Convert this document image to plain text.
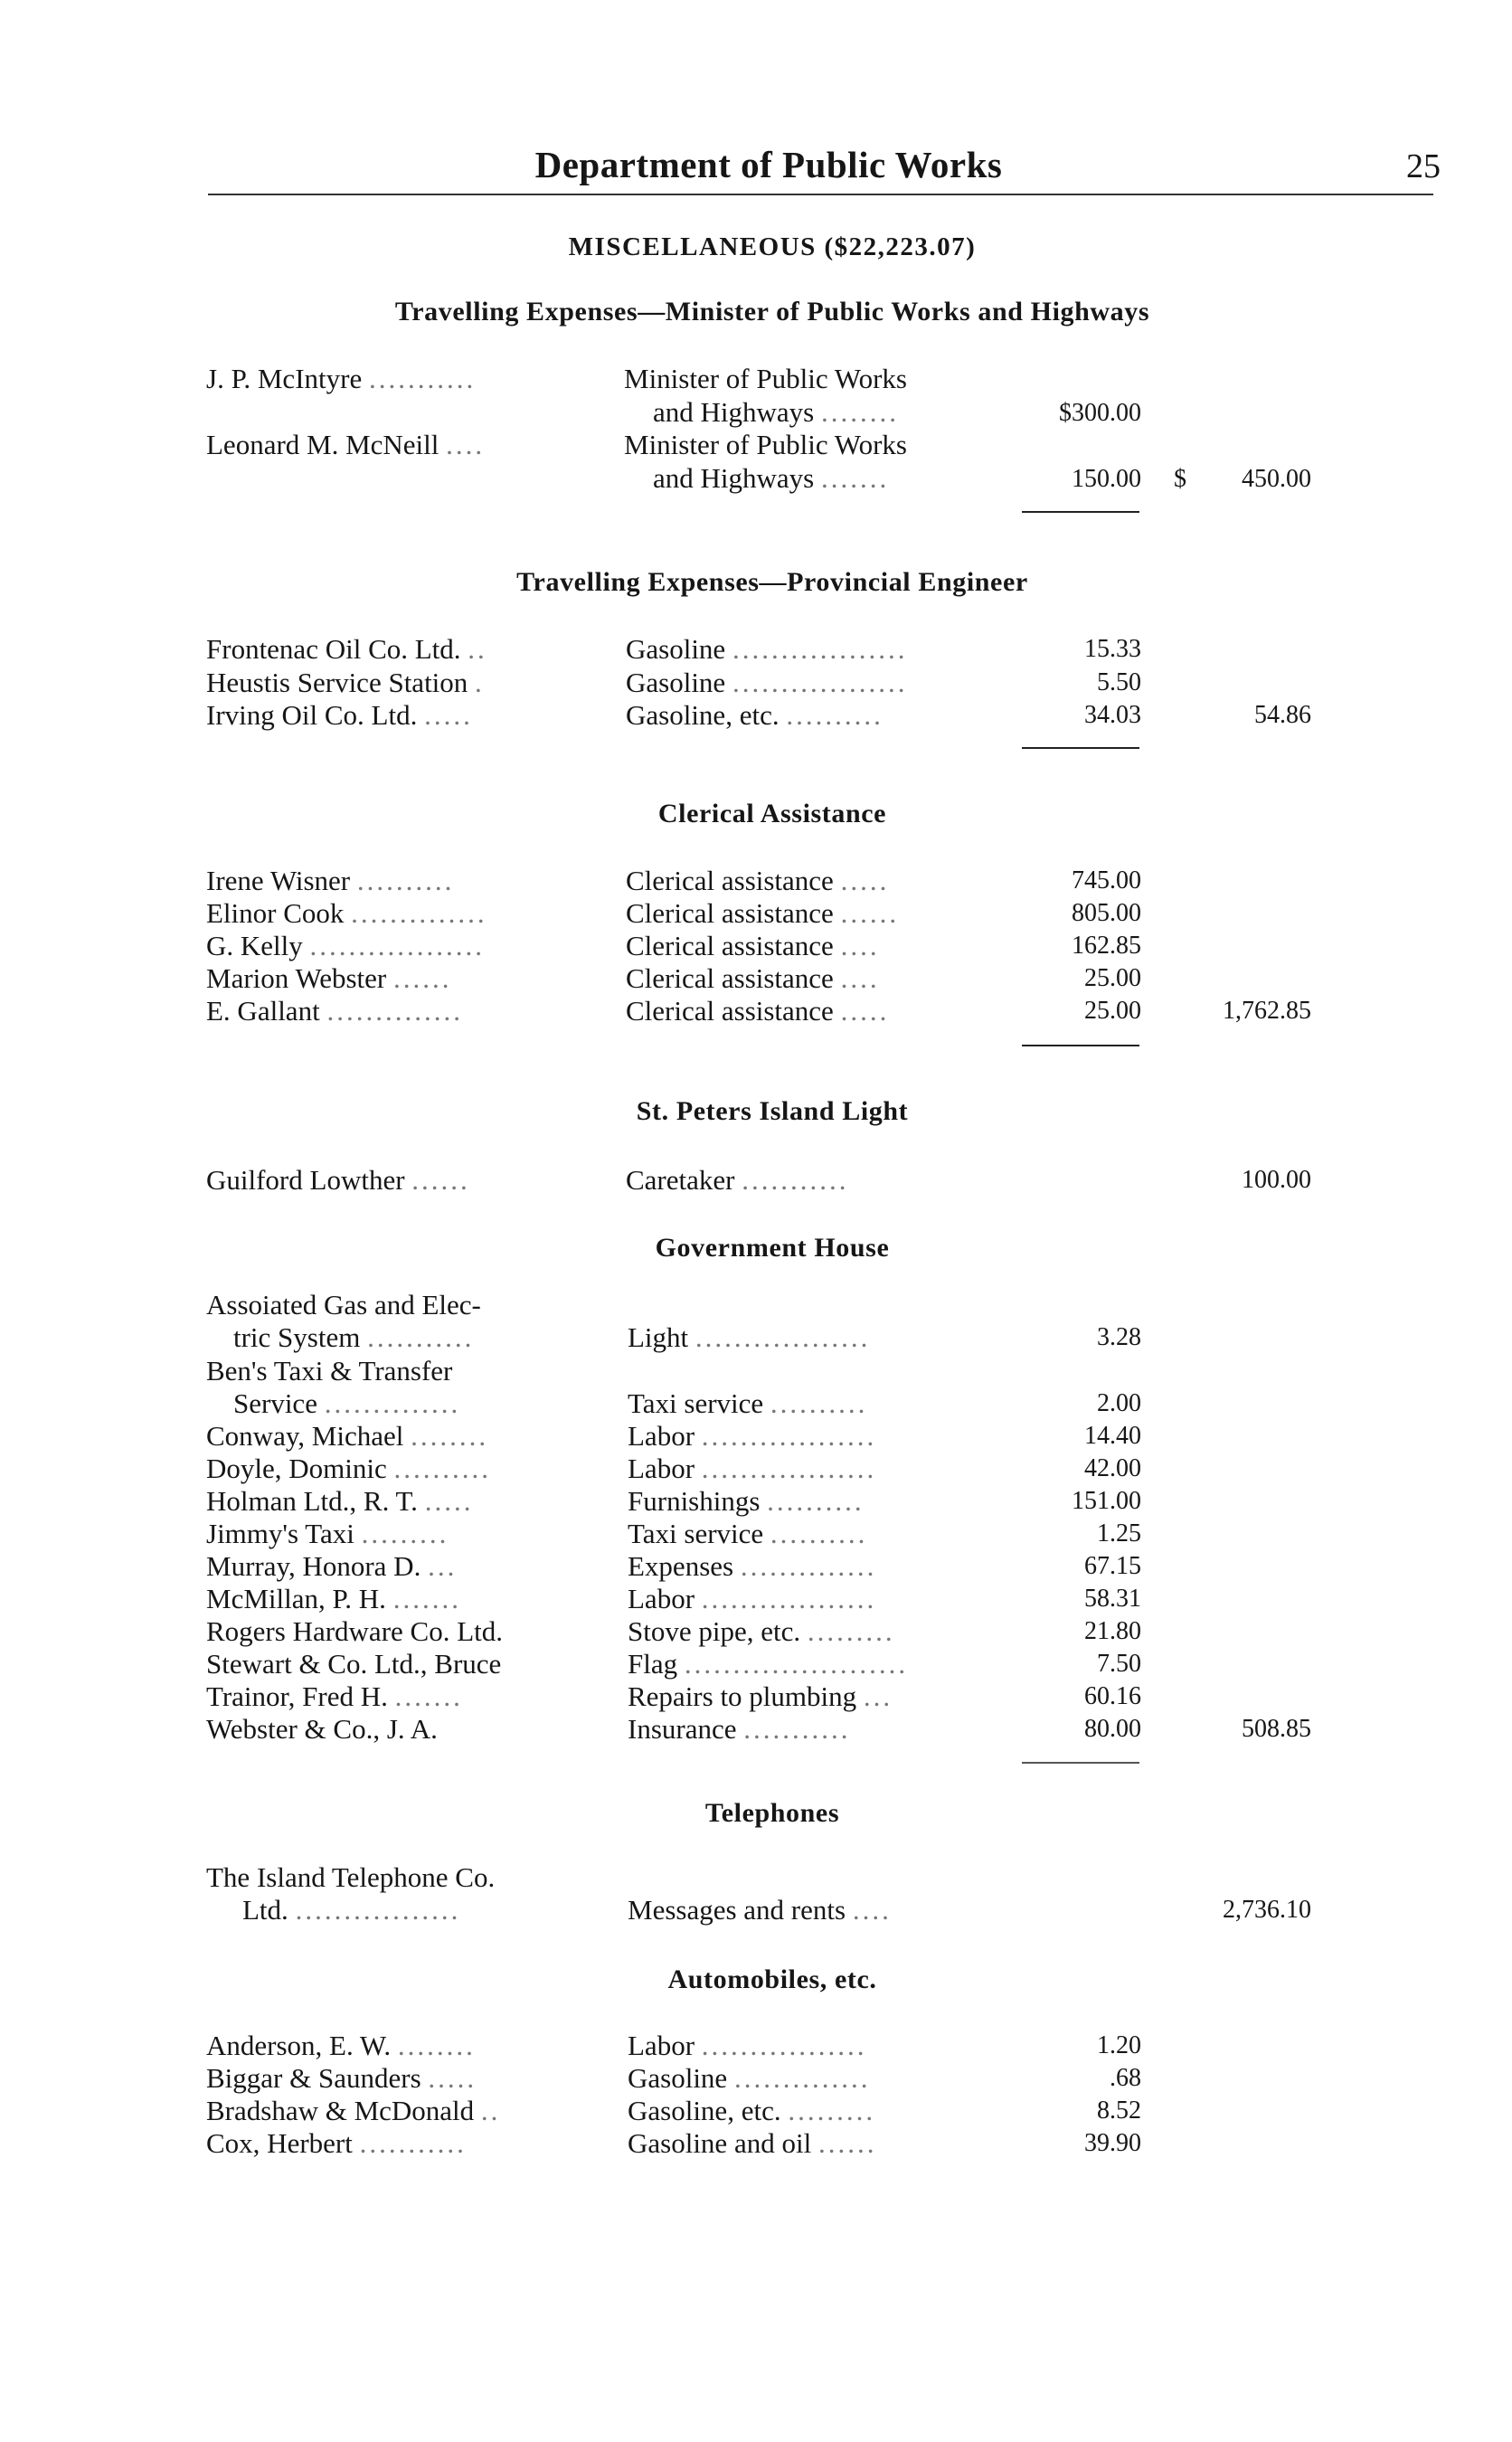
Department of Public Works	25
MISCELLANEOUS ($22,223.07)
Travelling Expenses—Minister of Public Works and Highways
J. P. McIntyre ...........	Minister of Public Works
and Highways ........	$300.00
Leonard M. McNeill ....	Minister of Public Works
and Highways .......	150.00 $	450.00
Travelling Expenses—Provincial Engineer
Frontenac Oil Co. Ltd. ..	Gasoline ..................	15.33
Heustis Service Station .	Gasoline ..................	5.50
Irving Oil Co. Ltd. .....	Gasoline, etc. ..........	34.03	54.86
Clerical Assistance
Irene Wisner ..........	Clerical assistance .....	745.00
Elinor Cook ..............	Clerical assistance ......	805.00
G. Kelly ..................	Clerical assistance ....	162.85
Marion Webster ......	Clerical assistance ....	25.00
E. Gallant ..............	Clerical assistance .....	25.00	1,762.85
St. Peters Island Light
Guilford Lowther ......	Caretaker ...........	100.00
Government House
Assoiated Gas and Elec-
tric System ...........	Light ..................	3.28
Ben's Taxi & Transfer
Service ..............	Taxi service ..........	2.00
Conway, Michael ........	Labor ..................	14.40
Doyle, Dominic ..........	Labor ..................	42.00
Holman Ltd., R. T. .....	Furnishings ..........	151.00
Jimmy's Taxi .........	Taxi service ..........	1.25
Murray, Honora D. ...	Expenses ..............	67.15
McMillan, P. H. .......	Labor ..................	58.31
Rogers Hardware Co. Ltd.	Stove pipe, etc. .........	21.80
Stewart & Co. Ltd., Bruce	Flag .......................	7.50
Trainor, Fred H. .......	Repairs to plumbing ...	60.16
Webster & Co., J. A.	Insurance ...........	80.00	508.85
Telephones
The Island Telephone Co.
Ltd. .................	Messages and rents ....	2,736.10
Automobiles, etc.
Anderson, E. W. ........	Labor .................	1.20
Biggar & Saunders .....	Gasoline ..............	.68
Bradshaw & McDonald ..	Gasoline, etc. .........	8.52
Cox, Herbert ...........	Gasoline and oil ......	39.90
